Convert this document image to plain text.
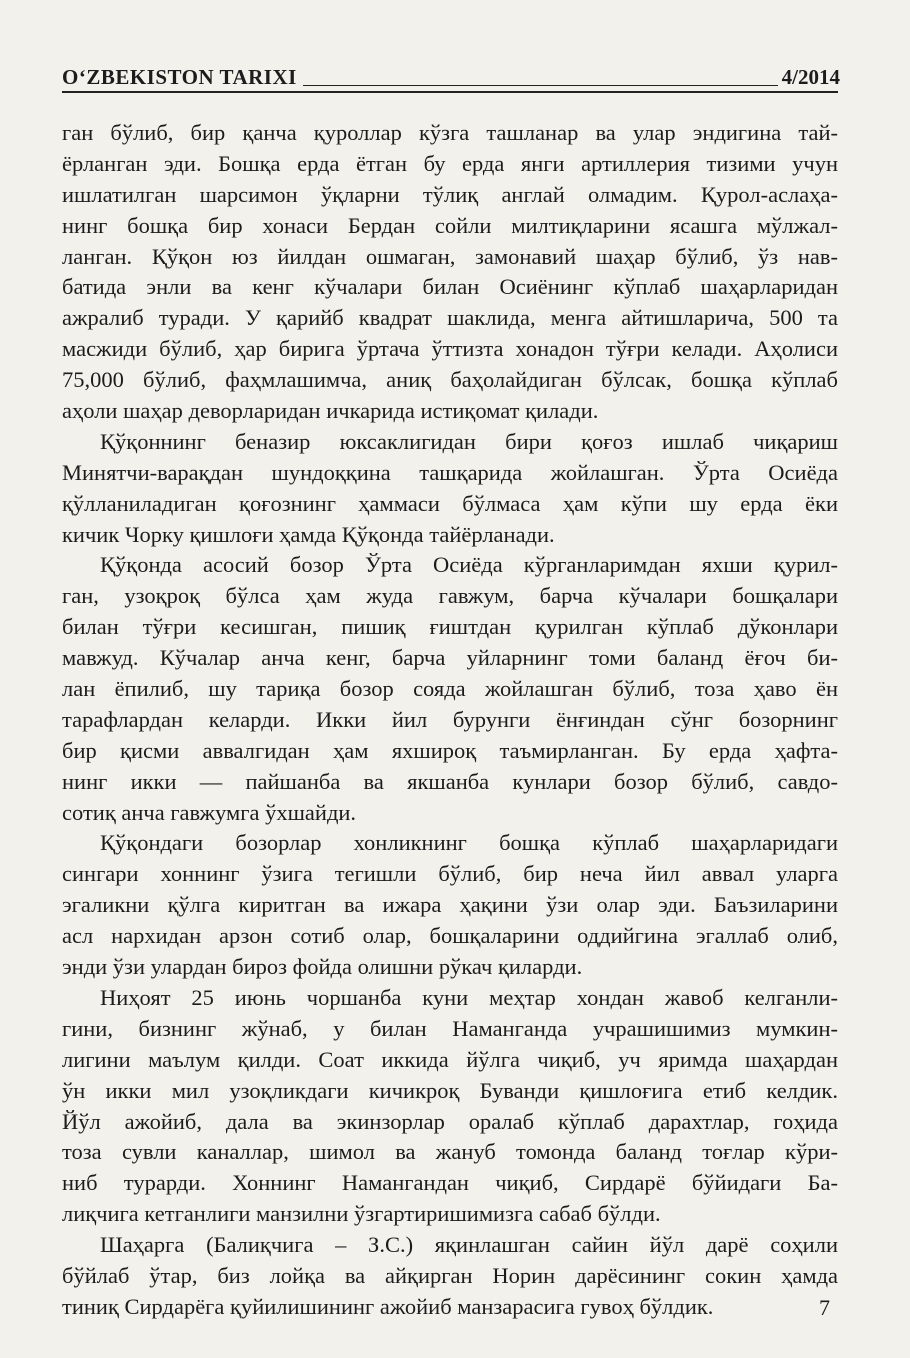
O‘ZBEKISTON TARIXI	4/2014
ган бўлиб, бир қанча қуроллар кўзга ташланар ва улар эндигина тай-
ёрланган эди. Бошқа ерда ётган бу ерда янги артиллерия тизими учун
ишлатилган шарсимон ўқларни тўлиқ англай олмадим. Қурол-аслаҳа-
нинг бошқа бир хонаси Бердан сойли милтиқларини ясашга мўлжал-
ланган. Қўқон юз йилдан ошмаган, замонавий шаҳар бўлиб, ўз нав-
батида энли ва кенг кўчалари билан Осиёнинг кўплаб шаҳарларидан
ажралиб туради. У қарийб квадрат шаклида, менга айтишларича, 500 та
масжиди бўлиб, ҳар бирига ўртача ўттизта хонадон тўғри келади. Аҳолиси
75,000 бўлиб, фаҳмлашимча, аниқ баҳолайдиган бўлсак, бошқа кўплаб
аҳоли шаҳар деворларидан ичкарида истиқомат қилади.
Қўқоннинг беназир юксаклигидан бири қоғоз ишлаб чиқариш
Минятчи-варақдан шундоққина ташқарида жойлашган. Ўрта Осиёда
қўлланиладиган қоғознинг ҳаммаси бўлмаса ҳам кўпи шу ерда ёки
кичик Чорку қишлоғи ҳамда Қўқонда тайёрланади.
Қўқонда асосий бозор Ўрта Осиёда кўрганларимдан яхши қурил-
ган, узоқроқ бўлса ҳам жуда гавжум, барча кўчалари бошқалари
билан тўғри кесишган, пишиқ ғиштдан қурилган кўплаб дўконлари
мавжуд. Кўчалар анча кенг, барча уйларнинг томи баланд ёғоч би-
лан ёпилиб, шу тариқа бозор сояда жойлашган бўлиб, тоза ҳаво ён
тарафлардан келарди. Икки йил бурунги ёнғиндан сўнг бозорнинг
бир қисми аввалгидан ҳам яхшироқ таъмирланган. Бу ерда ҳафта-
нинг икки — пайшанба ва якшанба кунлари бозор бўлиб, савдо-
сотиқ анча гавжумга ўхшайди.
Қўқондаги бозорлар хонликнинг бошқа кўплаб шаҳарларидаги
сингари хоннинг ўзига тегишли бўлиб, бир неча йил аввал уларга
эгаликни қўлга киритган ва ижара ҳақини ўзи олар эди. Баъзиларини
асл нархидан арзон сотиб олар, бошқаларини оддийгина эгаллаб олиб,
энди ўзи улардан бироз фойда олишни рўкач қиларди.
Ниҳоят 25 июнь чоршанба куни меҳтар хондан жавоб келганли-
гини, бизнинг жўнаб, у билан Наманганда учрашишимиз мумкин-
лигини маълум қилди. Соат иккида йўлга чиқиб, уч яримда шаҳардан
ўн икки мил узоқликдаги кичикроқ Буванди қишлоғига етиб келдик.
Йўл ажойиб, дала ва экинзорлар оралаб кўплаб дарахтлар, гоҳида
тоза сувли каналлар, шимол ва жануб томонда баланд тоғлар кўри-
ниб турарди. Хоннинг Намангандан чиқиб, Сирдарё бўйидаги Ба-
лиқчига кетганлиги манзилни ўзгартиришимизга сабаб бўлди.
Шаҳарга (Балиқчига – З.С.) яқинлашган сайин йўл дарё соҳили
бўйлаб ўтар, биз лойқа ва айқирган Норин дарёсининг сокин ҳамда
тиниқ Сирдарёга қуйилишининг ажойиб манзарасига гувоҳ бўлдик.	7
